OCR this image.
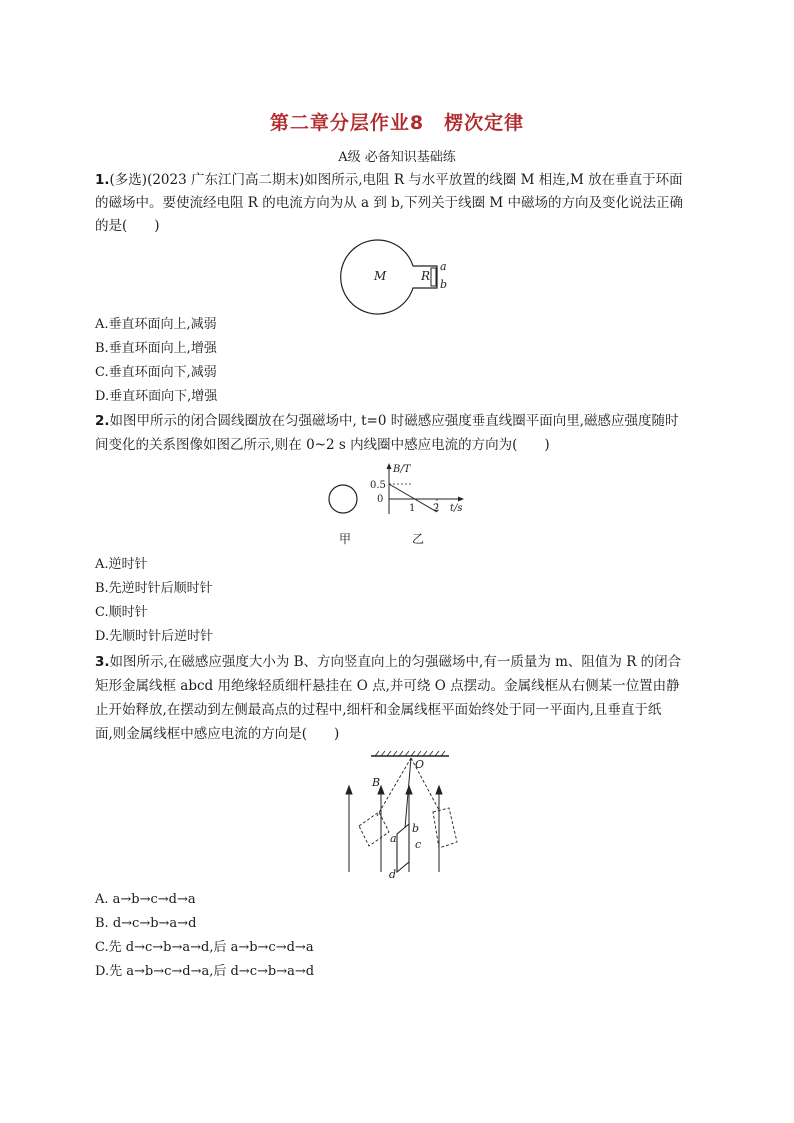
第二章分层作业8　楞次定律
A级 必备知识基础练
1.(多选)(2023 广东江门高二期末)如图所示,电阻 R 与水平放置的线圈 M 相连,M 放在垂直于环面
的磁场中。要使流经电阻 R 的电流方向为从 a 到 b,下列关于线圈 M 中磁场的方向及变化说法正确
的是(　　)
M	R
a
b
A.垂直环面向上,减弱
B.垂直环面向上,增强
C.垂直环面向下,减弱
D.垂直环面向下,增强
2.如图甲所示的闭合圆线圈放在匀强磁场中, t=0 时磁感应强度垂直线圈平面向里,磁感应强度随时
间变化的关系图像如图乙所示,则在 0~2 s 内线圈中感应电流的方向为(　　)
甲
B/T
0.5
0
1 2 t/s
乙
A.逆时针
B.先逆时针后顺时针
C.顺时针
D.先顺时针后逆时针
3.如图所示,在磁感应强度大小为 B、方向竖直向上的匀强磁场中,有一质量为 m、阻值为 R 的闭合
矩形金属线框 abcd 用绝缘轻质细杆悬挂在 O 点,并可绕 O 点摆动。金属线框从右侧某一位置由静
止开始释放,在摆动到左侧最高点的过程中,细杆和金属线框平面始终处于同一平面内,且垂直于纸
面,则金属线框中感应电流的方向是(　　)
O
B
a
b
c
d
A. a→b→c→d→a
B. d→c→b→a→d
C.先 d→c→b→a→d,后 a→b→c→d→a
D.先 a→b→c→d→a,后 d→c→b→a→d
